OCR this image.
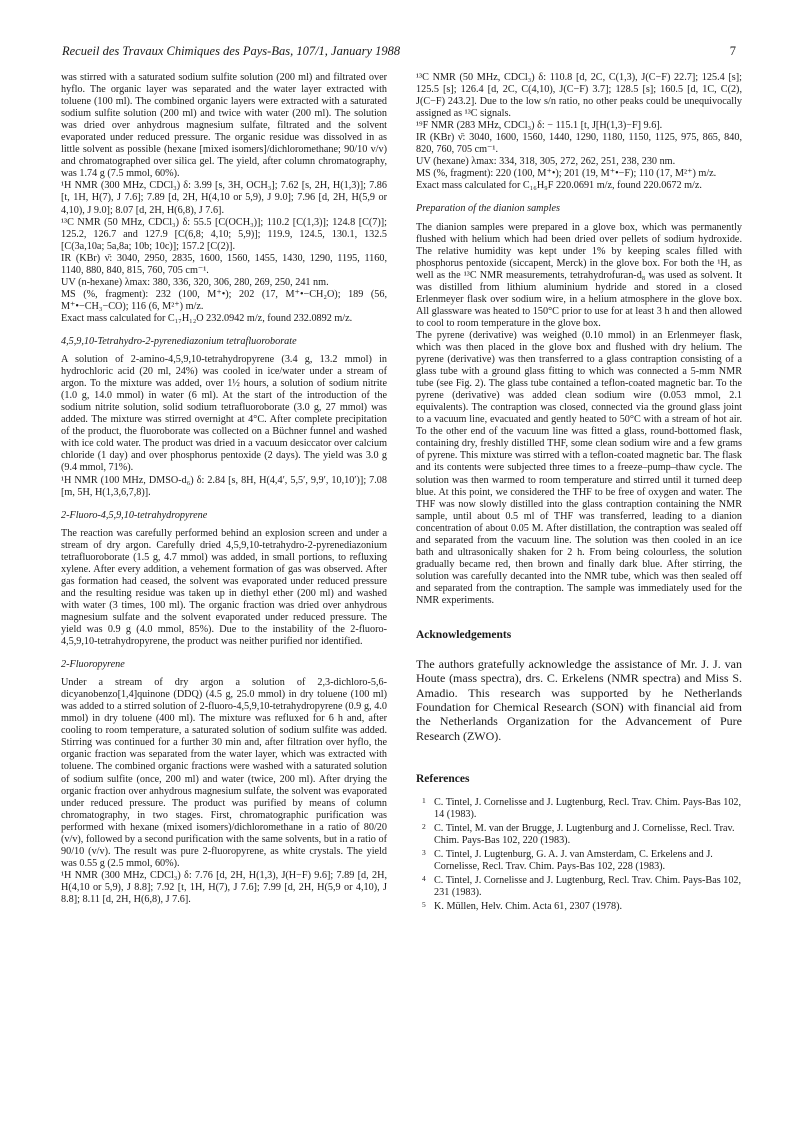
Recueil des Travaux Chimiques des Pays-Bas, 107/1, January 1988	7

was stirred with a saturated sodium sulfite solution (200 ml) and filtrated over hyflo. The organic layer was separated and the water layer extracted with toluene (100 ml). The combined organic layers were extracted with a saturated sodium sulfite solution (200 ml) and twice with water (200 ml). The solution was dried over anhydrous magnesium sulfate, filtrated and the solvent evaporated under reduced pressure. The organic residue was dissolved in as little solvent as possible (hexane [mixed isomers]/dichloromethane; 90/10 v/v) and chromatographed over silica gel. The yield, after column chromatography, was 1.74 g (7.5 mmol, 60%).

¹H NMR (300 MHz, CDCl₃) δ: 3.99 [s, 3H, OCH₃]; 7.62 [s, 2H, H(1,3)]; 7.86 [t, 1H, H(7), J 7.6]; 7.89 [d, 2H, H(4,10 or 5,9), J 9.0]; 7.96 [d, 2H, H(5,9 or 4,10), J 9.0]; 8.07 [d, 2H, H(6,8), J 7.6].

¹³C NMR (50 MHz, CDCl₃) δ: 55.5 [C(OCH₃)]; 110.2 [C(1,3)]; 124.8 [C(7)]; 125.2, 126.7 and 127.9 [C(6,8; 4,10; 5,9)]; 119.9, 124.5, 130.1, 132.5 [C(3a,10a; 5a,8a; 10b; 10c)]; 157.2 [C(2)].

IR (KBr) ν̄: 3040, 2950, 2835, 1600, 1560, 1455, 1430, 1290, 1195, 1160, 1140, 880, 840, 815, 760, 705 cm⁻¹.

UV (n-hexane) λmax: 380, 336, 320, 306, 280, 269, 250, 241 nm.

MS (%, fragment): 232 (100, M⁺•); 202 (17, M⁺•−CH₂O); 189 (56, M⁺•−CH₃−CO); 116 (6, M²⁺) m/z.

Exact mass calculated for C₁₇H₁₂O 232.0942 m/z, found 232.0892 m/z.

4,5,9,10-Tetrahydro-2-pyrenediazonium tetrafluoroborate

A solution of 2-amino-4,5,9,10-tetrahydropyrene (3.4 g, 13.2 mmol) in hydrochloric acid (20 ml, 24%) was cooled in ice/water under a stream of argon. To the mixture was added, over 1½ hours, a solution of sodium nitrite (1.0 g, 14.0 mmol) in water (6 ml). At the start of the introduction of the sodium nitrite solution, solid sodium tetrafluoroborate (3.0 g, 27 mmol) was added. The mixture was stirred overnight at 4°C. After complete precipitation of the product, the fluoroborate was collected on a Büchner funnel and washed with ice cold water. The product was dried in a vacuum desiccator over calcium chloride (1 day) and over phosphorus pentoxide (2 days). The yield was 3.0 g (9.4 mmol, 71%).

¹H NMR (100 MHz, DMSO-d₆) δ: 2.84 [s, 8H, H(4,4′, 5,5′, 9,9′, 10,10′)]; 7.08 [m, 5H, H(1,3,6,7,8)].

2-Fluoro-4,5,9,10-tetrahydropyrene

The reaction was carefully performed behind an explosion screen and under a stream of dry argon. Carefully dried 4,5,9,10-tetrahydro-2-pyrenediazonium tetrafluoroborate (1.5 g, 4.7 mmol) was added, in small portions, to refluxing xylene. After every addition, a vehement formation of gas was observed. After gas formation had ceased, the solvent was evaporated under reduced pressure and the resulting residue was taken up in diethyl ether (200 ml) and washed with water (3 times, 100 ml). The organic fraction was dried over anhydrous magnesium sulfate and the solvent evaporated under reduced pressure. The yield was 0.9 g (4.0 mmol, 85%). Due to the instability of the 2-fluoro-4,5,9,10-tetrahydropyrene, the product was neither purified nor identified.

2-Fluoropyrene

Under a stream of dry argon a solution of 2,3-dichloro-5,6-dicyanobenzo[1,4]quinone (DDQ) (4.5 g, 25.0 mmol) in dry toluene (100 ml) was added to a stirred solution of 2-fluoro-4,5,9,10-tetrahydropyrene (0.9 g, 4.0 mmol) in dry toluene (400 ml). The mixture was refluxed for 6 h and, after cooling to room temperature, a saturated solution of sodium sulfite was added. Stirring was continued for a further 30 min and, after filtration over hyflo, the organic fraction was separated from the water layer, which was extracted with toluene. The combined organic fractions were washed with a saturated solution of sodium sulfite (once, 200 ml) and water (twice, 200 ml). After drying the organic fraction over anhydrous magnesium sulfate, the solvent was evaporated under reduced pressure. The product was purified by means of column chromatography, in two stages. First, chromatographic purification was performed with hexane (mixed isomers)/dichloromethane in a ratio of 80/20 (v/v), followed by a second purification with the same solvents, but in a ratio of 90/10 (v/v). The result was pure 2-fluoropyrene, as white crystals. The yield was 0.55 g (2.5 mmol, 60%).

¹H NMR (300 MHz, CDCl₃) δ: 7.76 [d, 2H, H(1,3), J(H−F) 9.6]; 7.89 [d, 2H, H(4,10 or 5,9), J 8.8]; 7.92 [t, 1H, H(7), J 7.6]; 7.99 [d, 2H, H(5,9 or 4,10), J 8.8]; 8.11 [d, 2H, H(6,8), J 7.6].

¹³C NMR (50 MHz, CDCl₃) δ: 110.8 [d, 2C, C(1,3), J(C−F) 22.7]; 125.4 [s]; 125.5 [s]; 126.4 [d, 2C, C(4,10), J(C−F) 3.7]; 128.5 [s]; 160.5 [d, 1C, C(2), J(C−F) 243.2]. Due to the low s/n ratio, no other peaks could be unequivocally assigned as ¹³C signals.

¹⁹F NMR (283 MHz, CDCl₃) δ: − 115.1 [t, J[H(1,3)−F] 9.6].

IR (KBr) ν̄: 3040, 1600, 1560, 1440, 1290, 1180, 1150, 1125, 975, 865, 840, 820, 760, 705 cm⁻¹.

UV (hexane) λmax: 334, 318, 305, 272, 262, 251, 238, 230 nm.

MS (%, fragment): 220 (100, M⁺•); 201 (19, M⁺•−F); 110 (17, M²⁺) m/z.

Exact mass calculated for C₁₆H₉F 220.0691 m/z, found 220.0672 m/z.

Preparation of the dianion samples

The dianion samples were prepared in a glove box, which was permanently flushed with helium which had been dried over pellets of sodium hydroxide. The relative humidity was kept under 1% by keeping scales filled with phosphorus pentoxide (siccapent, Merck) in the glove box. For both the ¹H, as well as the ¹³C NMR measurements, tetrahydrofuran-d₈ was used as solvent. It was distilled from lithium aluminium hydride and stored in a closed Erlenmeyer flask over sodium wire, in a helium atmosphere in the glove box. All glassware was heated to 150°C prior to use for at least 3 h and then allowed to cool to room temperature in the glove box.

The pyrene (derivative) was weighed (0.10 mmol) in an Erlenmeyer flask, which was then placed in the glove box and flushed with dry helium. The pyrene (derivative) was then transferred to a glass contraption consisting of a glass tube with a ground glass fitting to which was connected a 5-mm NMR tube (see Fig. 2). The glass tube contained a teflon-coated magnetic bar. To the pyrene (derivative) was added clean sodium wire (0.053 mmol, 2.1 equivalents). The contraption was closed, connected via the ground glass joint to a vacuum line, evacuated and gently heated to 50°C with a stream of hot air. To the other end of the vacuum line was fitted a glass, round-bottomed flask, containing dry, freshly distilled THF, some clean sodium wire and a few grams of pyrene. This mixture was stirred with a teflon-coated magnetic bar. The flask and its contents were subjected three times to a freeze–pump–thaw cycle. The solution was then warmed to room temperature and stirred until it turned deep blue. At this point, we considered the THF to be free of oxygen and water. The THF was now slowly distilled into the glass contraption containing the NMR sample, until about 0.5 ml of THF was transferred, leading to a dianion concentration of about 0.05 M. After distillation, the contraption was sealed off and separated from the vacuum line. The solution was then cooled in an ice bath and ultrasonically shaken for 2 h. From being colourless, the solution gradually became red, then brown and finally dark blue. After stirring, the solution was carefully decanted into the NMR tube, which was then sealed off and separated from the contraption. The sample was immediately used for the NMR experiments.

Acknowledgements
The authors gratefully acknowledge the assistance of Mr. J. J. van Houte (mass spectra), drs. C. Erkelens (NMR spectra) and Miss S. Amadio. This research was supported by he Netherlands Foundation for Chemical Research (SON) with financial aid from the Netherlands Organization for the Advancement of Pure Research (ZWO).
References
1 C. Tintel, J. Cornelisse and J. Lugtenburg, Recl. Trav. Chim. Pays-Bas 102, 14 (1983).
2 C. Tintel, M. van der Brugge, J. Lugtenburg and J. Cornelisse, Recl. Trav. Chim. Pays-Bas 102, 220 (1983).
3 C. Tintel, J. Lugtenburg, G. A. J. van Amsterdam, C. Erkelens and J. Cornelisse, Recl. Trav. Chim. Pays-Bas 102, 228 (1983).
4 C. Tintel, J. Cornelisse and J. Lugtenburg, Recl. Trav. Chim. Pays-Bas 102, 231 (1983).
5 K. Müllen, Helv. Chim. Acta 61, 2307 (1978).
